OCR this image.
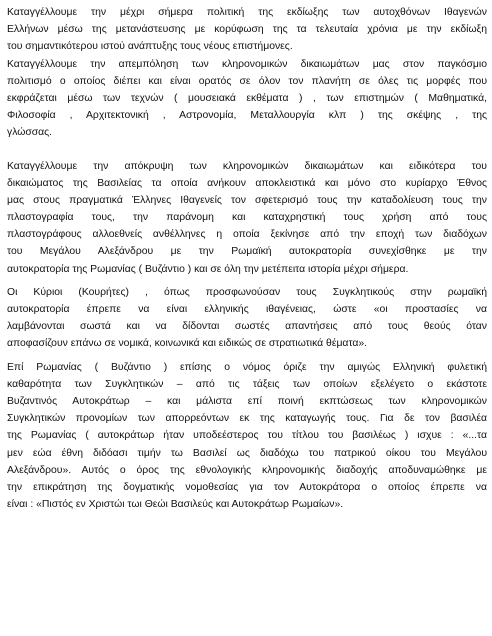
Καταγγέλλουμε την μέχρι σήμερα πολιτική της εκδίωξης των αυτοχθόνων Ιθαγενών
Ελλήνων μέσω της μετανάστευσης με κορύφωση της τα τελευταία χρόνια με την εκδίωξη
του σημαντικότερου ιστού ανάπτυξης τους νέους επιστήμονες.
Καταγγέλλουμε την απεμπόληση των κληρονομικών δικαιωμάτων μας στον παγκόσμιο
πολιτισμό ο οποίος διέπει και είναι ορατός σε όλον τον πλανήτη σε όλες τις μορφές που
εκφράζεται μέσω των τεχνών ( μουσειακά εκθέματα ) , των επιστημών ( Μαθηματικά,
Φιλοσοφία , Αρχιτεκτονική , Αστρονομία, Μεταλλουργία κλπ ) της σκέψης , της
γλώσσας.
Καταγγέλλουμε την απόκρυψη των κληρονομικών δικαιωμάτων και ειδικότερα του
δικαιώματος της Βασιλείας τα οποία ανήκουν αποκλειστικά και μόνο στο κυρίαρχο Έθνος
μας στους πραγματικά Έλληνες Ιθαγενείς τον σφετερισμό τους την καταδολίευση τους την
πλαστογραφία τους, την παράνομη και καταχρηστική τους χρήση από τους
πλαστογράφους αλλοεθνείς ανθέλληνες η οποία ξεκίνησε από την εποχή των διαδόχων
του Μεγάλου Αλεξάνδρου με την Ρωμαϊκή αυτοκρατορία συνεχίσθηκε με την
αυτοκρατορία της Ρωμανίας ( Βυζάντιο ) και σε όλη την μετέπειτα ιστορία μέχρι σήμερα.
Οι Κύριοι (Κουρήτες) , όπως προσφωνούσαν τους Συγκλητικούς στην ρωμαϊκή
αυτοκρατορία έπρεπε να είναι ελληνικής ιθαγένειας, ώστε «οι προστασίες να
λαμβάνονται σωστά και να δίδονται σωστές απαντήσεις από τους θεούς όταν
αποφασίζουν επάνω σε νομικά, κοινωνικά και ειδικώς σε στρατιωτικά θέματα».
Επί Ρωμανίας ( Βυζάντιο ) επίσης ο νόμος όριζε την αμιγώς Ελληνική φυλετική
καθαρότητα των Συγκλητικών – από τις τάξεις των οποίων εξελέγετο ο εκάστοτε
Βυζαντινός Αυτοκράτωρ – και μάλιστα επί ποινή εκπτώσεως των κληρονομικών
Συγκλητικών προνομίων των απορρεόντων εκ της καταγωγής τους. Για δε τον βασιλέα
της Ρωμανίας ( αυτοκράτωρ ήταν υποδεέστερος του τίτλου του βασιλέως ) ισχυε : «...τα
μεν εώα έθνη διδόασι τιμήν τω Βασιλεί ως διαδόχω του πατρικού οίκου του Μεγάλου
Αλεξάνδρου». Αυτός ο όρος της εθνολογικής κληρονομικής διαδοχής αποδυναμώθηκε με
την επικράτηση της δογματικής νομοθεσίας για τον Αυτοκράτορα ο οποίος έπρεπε να
είναι : «Πιστός εν Χριστώι τωι Θεώι Βασιλεύς και Αυτοκράτωρ Ρωμαίων».
